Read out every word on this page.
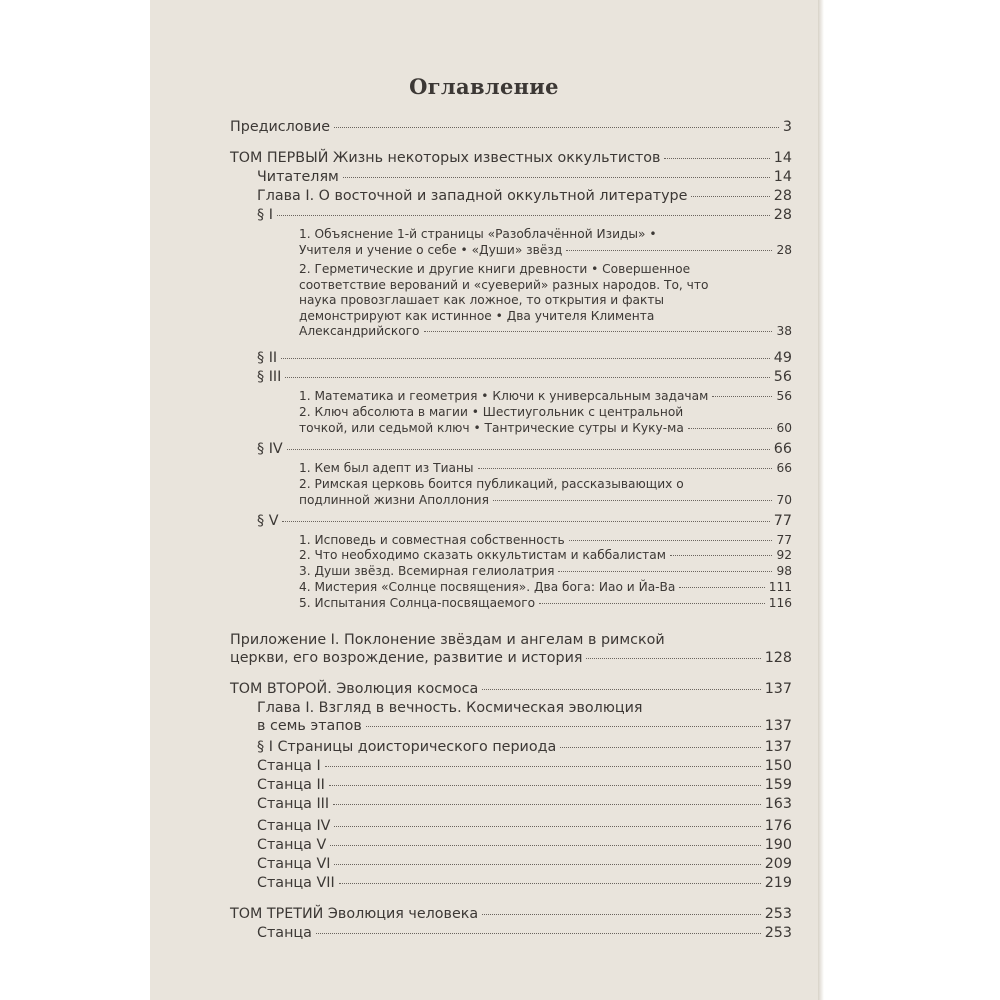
Оглавление
Предисловие	3
ТОМ ПЕРВЫЙ Жизнь некоторых известных оккультистов	14
Читателям	14
Глава I. О восточной и западной оккультной литературе	28
§ I	28
1. Объяснение 1-й страницы «Разоблачённой Изиды» •
Учителя и учение о себе • «Души» звёзд	28
2. Герметические и другие книги древности • Совершенное
соответствие верований и «суеверий» разных народов. То, что
наука провозглашает как ложное, то открытия и факты
демонстрируют как истинное • Два учителя Климента
Александрийского	38
§ II	49
§ III	56
1. Математика и геометрия • Ключи к универсальным задачам	56
2. Ключ абсолюта в магии • Шестиугольник с центральной
точкой, или седьмой ключ • Тантрические сутры и Куку-ма	60
§ IV	66
1. Кем был адепт из Тианы	66
2. Римская церковь боится публикаций, рассказывающих о
подлинной жизни Аполлония	70
§ V	77
1. Исповедь и совместная собственность	77
2. Что необходимо сказать оккультистам и каббалистам	92
3. Души звёзд. Всемирная гелиолатрия	98
4. Мистерия «Солнце посвящения». Два бога: Иао и Йа-Ва	111
5. Испытания Солнца-посвящаемого	116
Приложение I. Поклонение звёздам и ангелам в римской
церкви, его возрождение, развитие и история	128
ТОМ ВТОРОЙ. Эволюция космоса	137
Глава I. Взгляд в вечность. Космическая эволюция
в семь этапов	137
§ I Страницы доисторического периода	137
Станца I	150
Станца II	159
Станца III	163
Станца IV	176
Станца V	190
Станца VI	209
Станца VII	219
ТОМ ТРЕТИЙ Эволюция человека	253
Станца	253
